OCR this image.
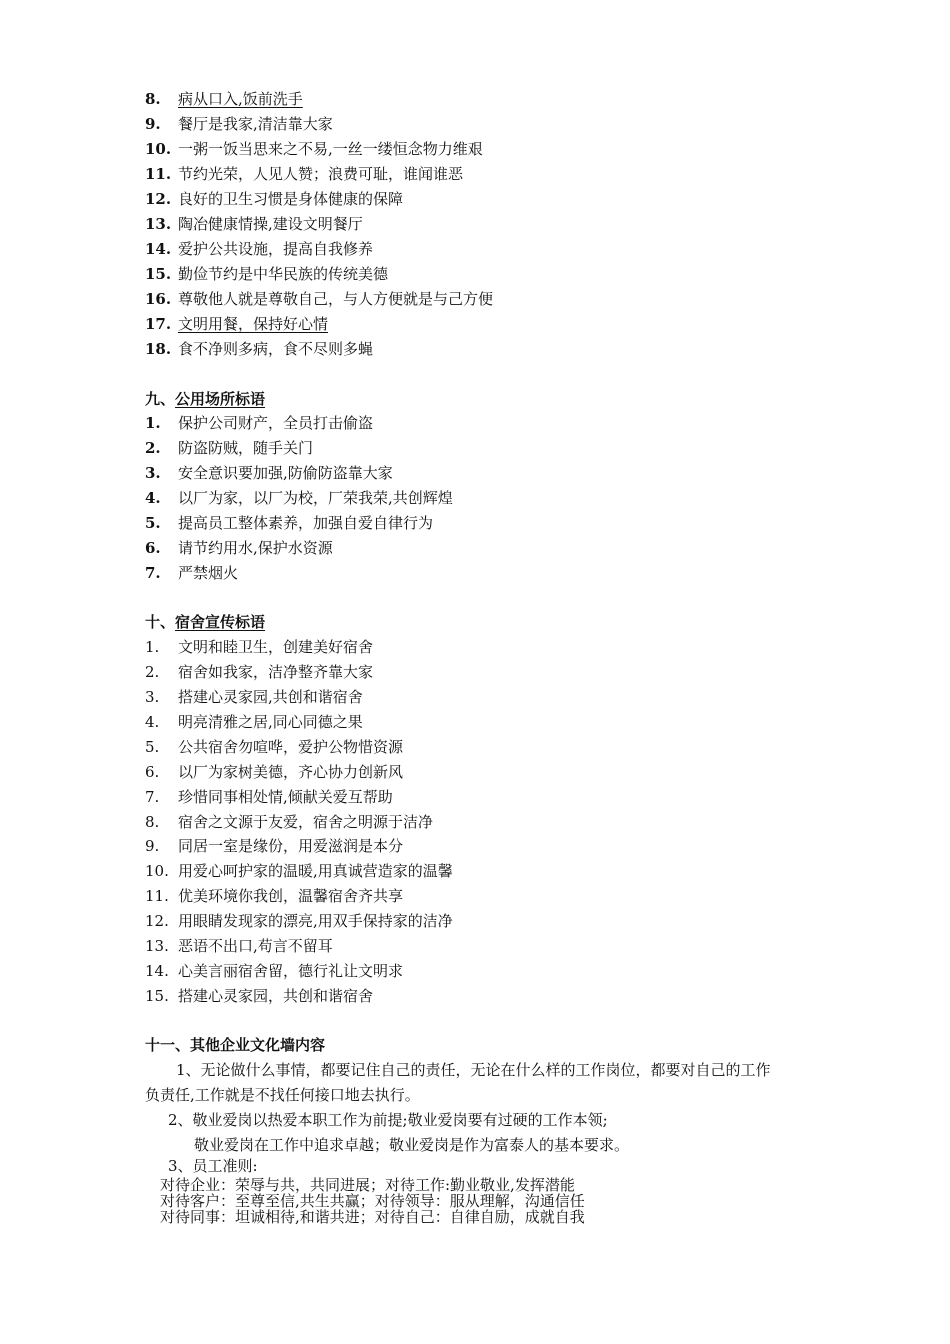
8. 病从口入,饭前洗手
9. 餐厅是我家,清洁靠大家
10. 一粥一饭当思来之不易,一丝一缕恒念物力维艰
11. 节约光荣，人见人赞；浪费可耻，谁闻谁恶
12. 良好的卫生习惯是身体健康的保障
13. 陶冶健康情操,建设文明餐厅
14. 爱护公共设施，提高自我修养
15. 勤俭节约是中华民族的传统美德
16. 尊敬他人就是尊敬自己，与人方便就是与己方便
17. 文明用餐，保持好心情
18. 食不净则多病，食不尽则多蝇
九、公用场所标语
1. 保护公司财产，全员打击偷盗
2. 防盗防贼，随手关门
3. 安全意识要加强,防偷防盗靠大家
4. 以厂为家，以厂为校，厂荣我荣,共创辉煌
5. 提高员工整体素养，加强自爱自律行为
6. 请节约用水,保护水资源
7. 严禁烟火
十、宿舍宣传标语
1. 文明和睦卫生，创建美好宿舍
2. 宿舍如我家，洁净整齐靠大家
3. 搭建心灵家园,共创和谐宿舍
4. 明亮清雅之居,同心同德之果
5. 公共宿舍勿喧哗，爱护公物惜资源
6. 以厂为家树美德，齐心协力创新风
7. 珍惜同事相处情,倾献关爱互帮助
8. 宿舍之文源于友爱，宿舍之明源于洁净
9. 同居一室是缘份，用爱滋润是本分
10. 用爱心呵护家的温暖,用真诚营造家的温馨
11. 优美环境你我创，温馨宿舍齐共享
12. 用眼睛发现家的漂亮,用双手保持家的洁净
13. 恶语不出口,苟言不留耳
14. 心美言丽宿舍留，德行礼让文明求
15. 搭建心灵家园，共创和谐宿舍
十一、其他企业文化墙内容
1、无论做什么事情，都要记住自己的责任，无论在什么样的工作岗位，都要对自己的工作
负责任,工作就是不找任何接口地去执行。
2、敬业爱岗以热爱本职工作为前提;敬业爱岗要有过硬的工作本领;
敬业爱岗在工作中追求卓越；敬业爱岗是作为富泰人的基本要求。
3、员工准则:
对待企业：荣辱与共，共同进展；对待工作:勤业敬业,发挥潜能
对待客户：至尊至信,共生共赢；对待领导：服从理解，沟通信任
对待同事：坦诚相待,和谐共进；对待自己：自律自励，成就自我
